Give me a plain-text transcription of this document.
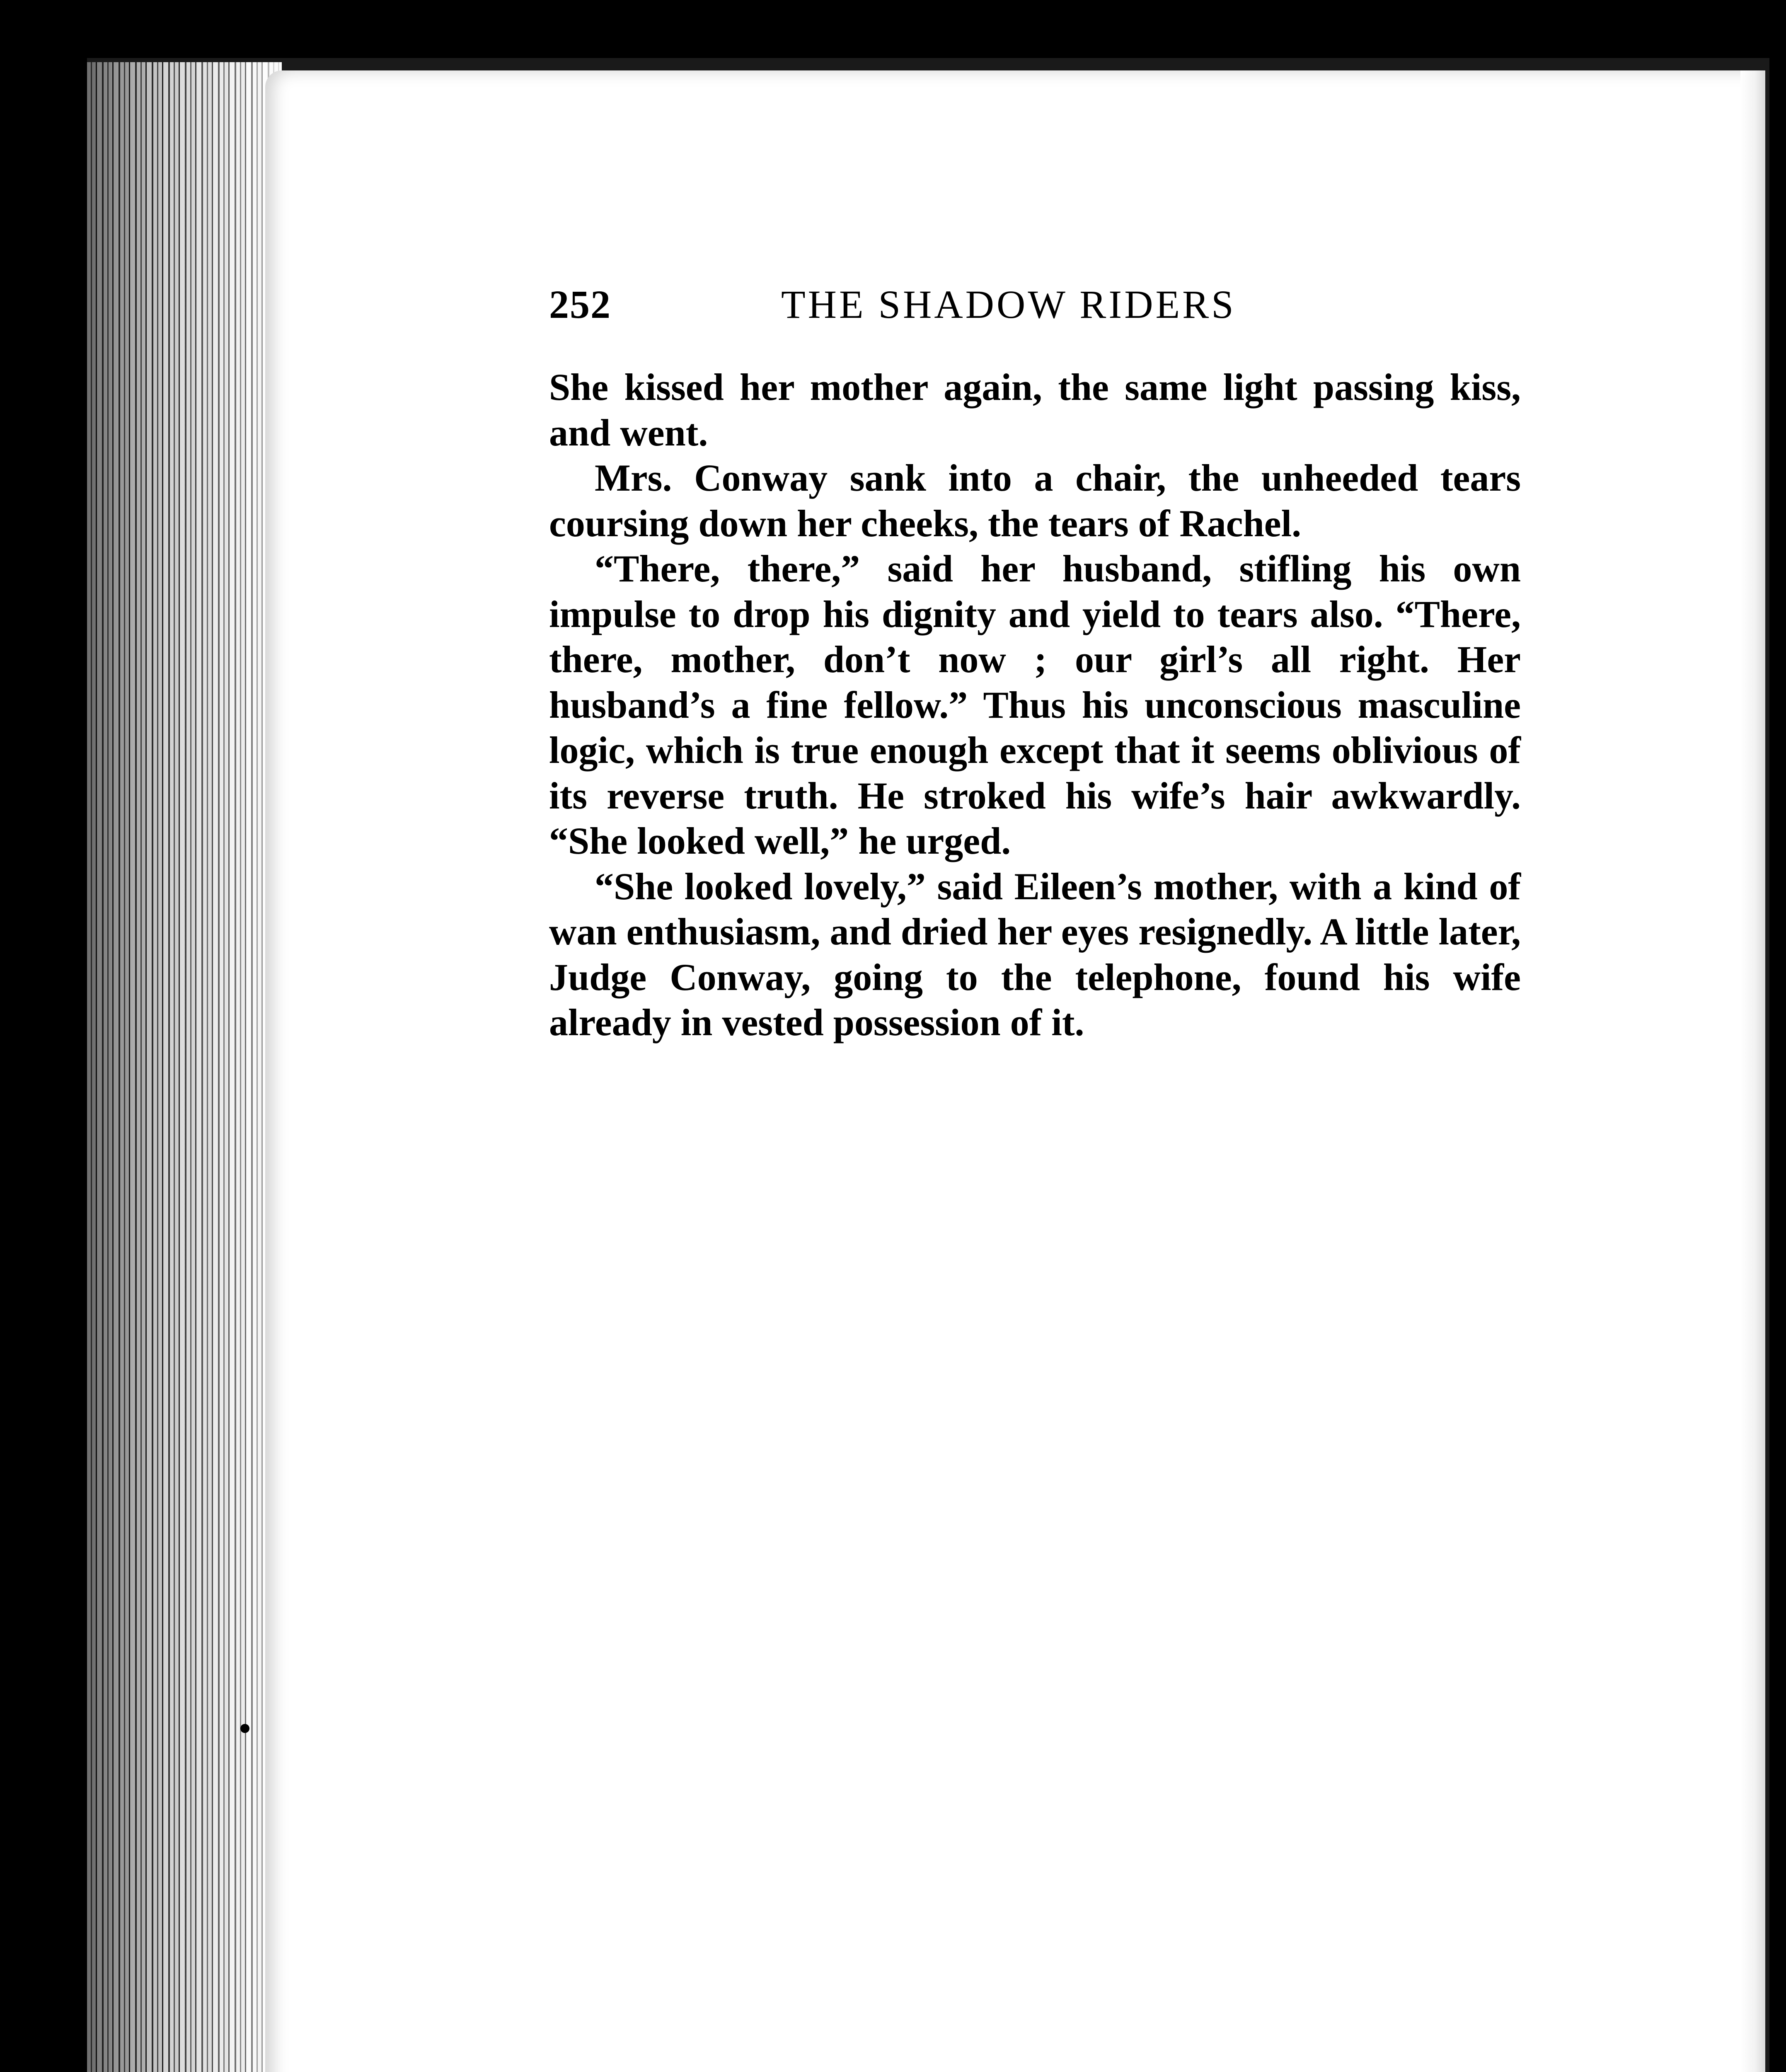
252	THE SHADOW RIDERS

She kissed her mother again, the same light passing kiss, and went.

Mrs. Conway sank into a chair, the unheeded tears coursing down her cheeks, the tears of Rachel.

“There, there,” said her husband, stifling his own impulse to drop his dignity and yield to tears also. “There, there, mother, don’t now ; our girl’s all right. Her husband’s a fine fellow.” Thus his unconscious masculine logic, which is true enough except that it seems oblivious of its reverse truth. He stroked his wife’s hair awkwardly. “She looked well,” he urged.

“She looked lovely,” said Eileen’s mother, with a kind of wan enthusiasm, and dried her eyes resignedly. A little later, Judge Conway, going to the telephone, found his wife already in vested possession of it.
